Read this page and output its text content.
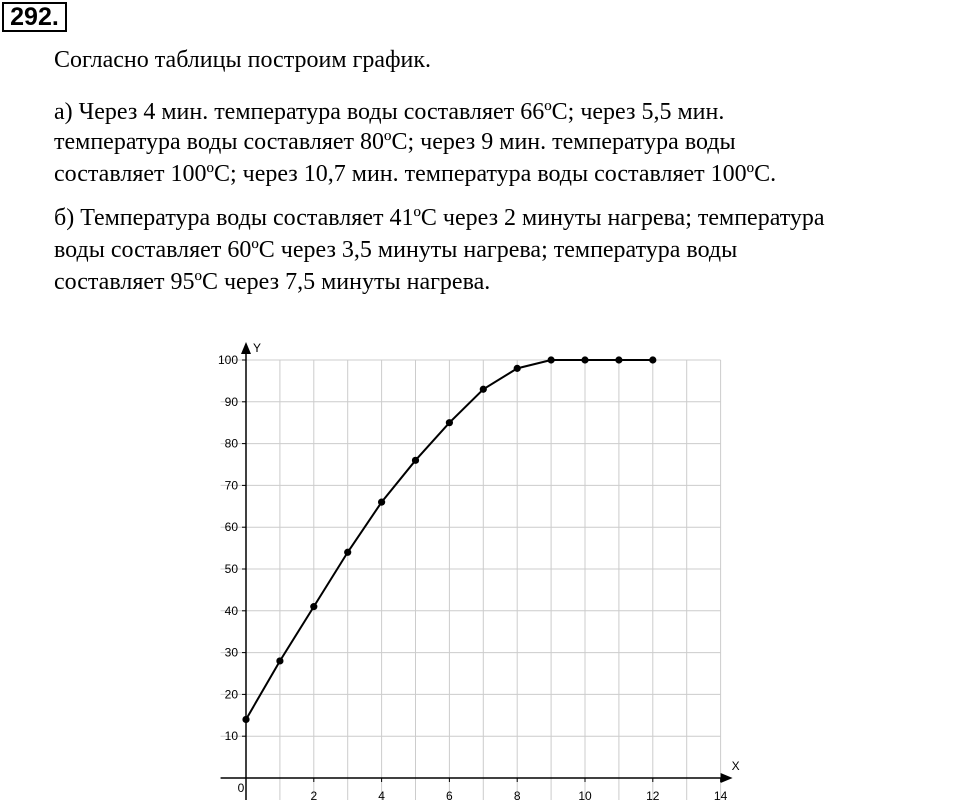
292.
Согласно таблицы построим график.
а) Через 4 мин. температура воды составляет 66ºС; через 5,5 мин.
температура воды составляет 80ºС; через 9 мин. температура воды
составляет 100ºС; через 10,7 мин. температура воды составляет 100ºС.
б) Температура воды составляет 41ºС через 2 минуты нагрева; температура
воды составляет 60ºС через 3,5 минуты нагрева; температура воды
составляет 95ºС через 7,5 минуты нагрева.
10
20
30
40
50
60
70
80
90
100
0
2	4	6	8	10	12	14
Y
X
